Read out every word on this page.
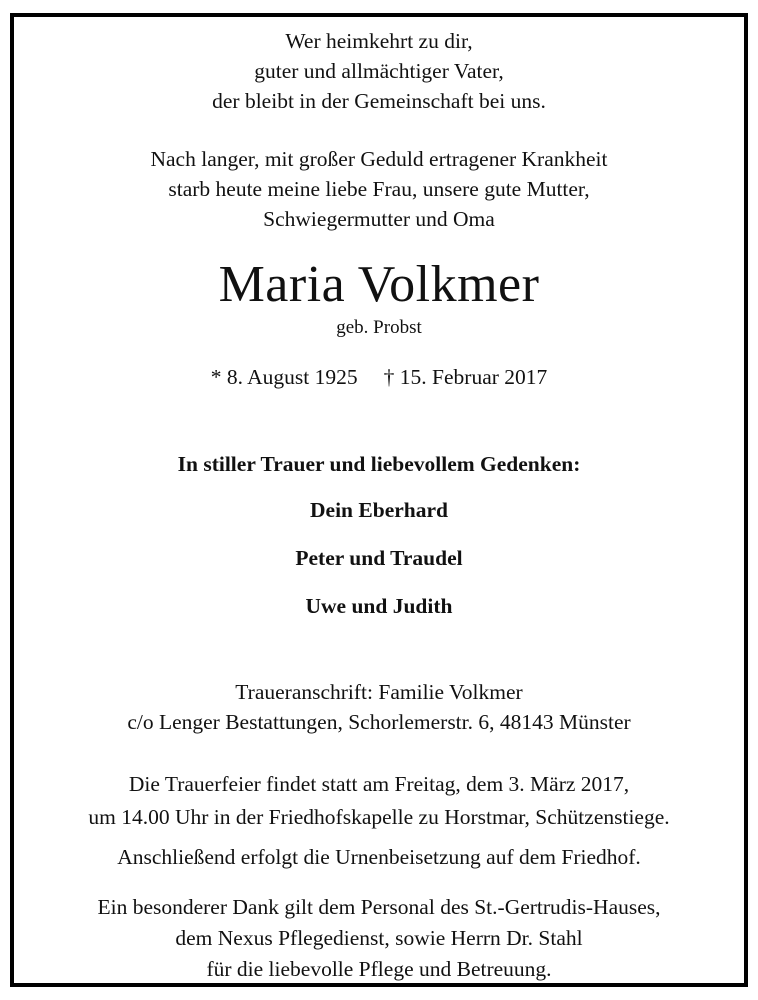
Wer heimkehrt zu dir,
guter und allmächtiger Vater,
der bleibt in der Gemeinschaft bei uns.
Nach langer, mit großer Geduld ertragener Krankheit
starb heute meine liebe Frau, unsere gute Mutter,
Schwiegermutter und Oma
Maria Volkmer
geb. Probst
* 8. August 1925 † 15. Februar 2017
In stiller Trauer und liebevollem Gedenken:
Dein Eberhard
Peter und Traudel
Uwe und Judith
Traueranschrift: Familie Volkmer
c/o Lenger Bestattungen, Schorlemerstr. 6, 48143 Münster
Die Trauerfeier findet statt am Freitag, dem 3. März 2017,
um 14.00 Uhr in der Friedhofskapelle zu Horstmar, Schützenstiege.
Anschließend erfolgt die Urnenbeisetzung auf dem Friedhof.
Ein besonderer Dank gilt dem Personal des St.-Gertrudis-Hauses,
dem Nexus Pflegedienst, sowie Herrn Dr. Stahl
für die liebevolle Pflege und Betreuung.
